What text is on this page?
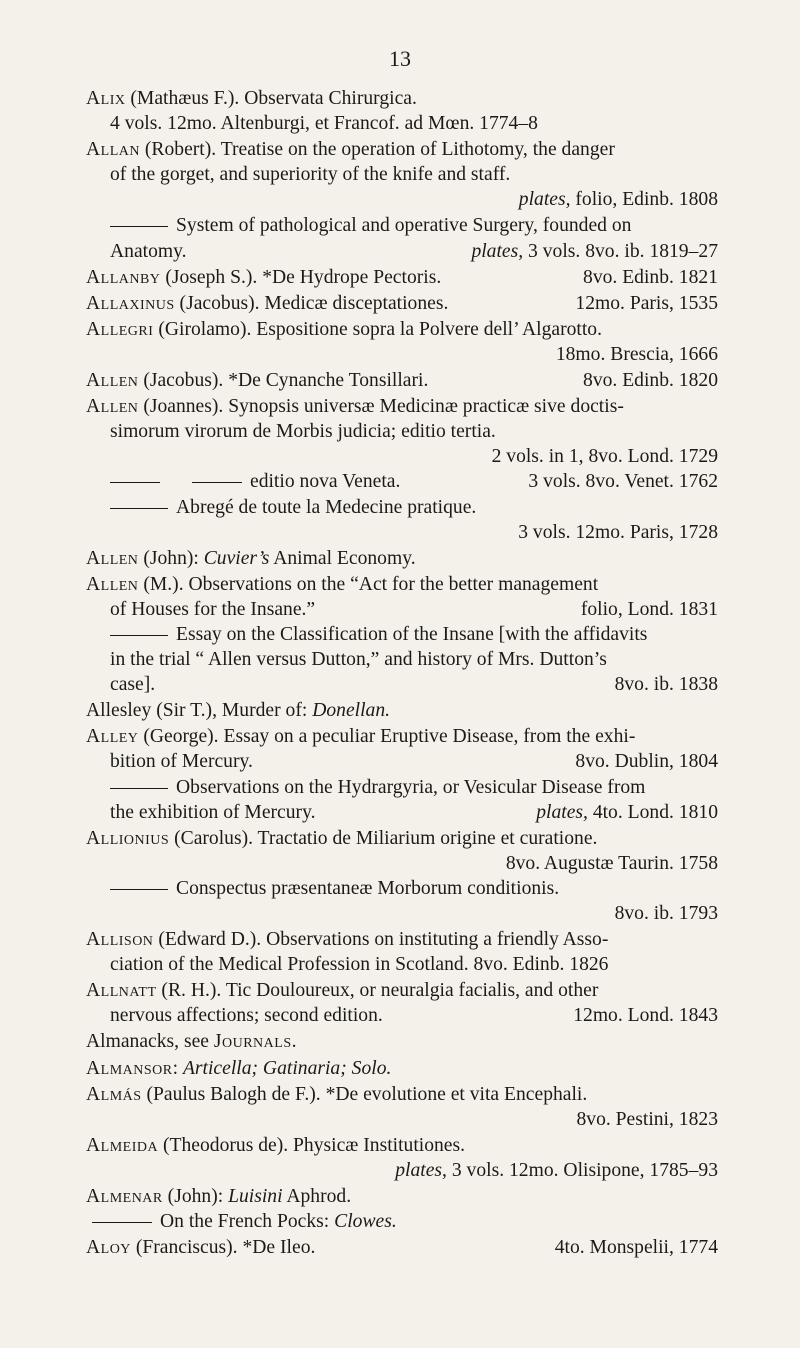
13
Alix (Mathæus F.). Observata Chirurgica.
4 vols. 12mo. Altenburgi, et Francof. ad Mœn. 1774–8
Allan (Robert). Treatise on the operation of Lithotomy, the danger
of the gorget, and superiority of the knife and staff.
plates, folio, Edinb. 1808
System of pathological and operative Surgery, founded on
Anatomy.	plates, 3 vols. 8vo. ib. 1819–27
Allanby (Joseph S.). *De Hydrope Pectoris.	8vo. Edinb. 1821
Allaxinus (Jacobus). Medicæ disceptationes.	12mo. Paris, 1535
Allegri (Girolamo). Espositione sopra la Polvere dell’ Algarotto.
18mo. Brescia, 1666
Allen (Jacobus). *De Cynanche Tonsillari.	8vo. Edinb. 1820
Allen (Joannes). Synopsis universæ Medicinæ practicæ sive doctis-
simorum virorum de Morbis judicia; editio tertia.
2 vols. in 1, 8vo. Lond. 1729
editio nova Veneta.	3 vols. 8vo. Venet. 1762
Abregé de toute la Medecine pratique.
3 vols. 12mo. Paris, 1728
Allen (John): Cuvier’s Animal Economy.
Allen (M.). Observations on the “Act for the better management
of Houses for the Insane.”	folio, Lond. 1831
Essay on the Classification of the Insane [with the affidavits
in the trial “ Allen versus Dutton,” and history of Mrs. Dutton’s
case].	8vo. ib. 1838
Allesley (Sir T.), Murder of: Donellan.
Alley (George). Essay on a peculiar Eruptive Disease, from the exhi-
bition of Mercury.	8vo. Dublin, 1804
Observations on the Hydrargyria, or Vesicular Disease from
the exhibition of Mercury.	plates, 4to. Lond. 1810
Allionius (Carolus). Tractatio de Miliarium origine et curatione.
8vo. Augustæ Taurin. 1758
Conspectus præsentaneæ Morborum conditionis.
8vo. ib. 1793
Allison (Edward D.). Observations on instituting a friendly Asso-
ciation of the Medical Profession in Scotland. 8vo. Edinb. 1826
Allnatt (R. H.). Tic Douloureux, or neuralgia facialis, and other
nervous affections; second edition.	12mo. Lond. 1843
Almanacks, see Journals.
Almansor: Articella; Gatinaria; Solo.
Almás (Paulus Balogh de F.). *De evolutione et vita Encephali.
8vo. Pestini, 1823
Almeida (Theodorus de). Physicæ Institutiones.
plates, 3 vols. 12mo. Olisipone, 1785–93
Almenar (John): Luisini Aphrod.
On the French Pocks: Clowes.
Aloy (Franciscus). *De Ileo.	4to. Monspelii, 1774
